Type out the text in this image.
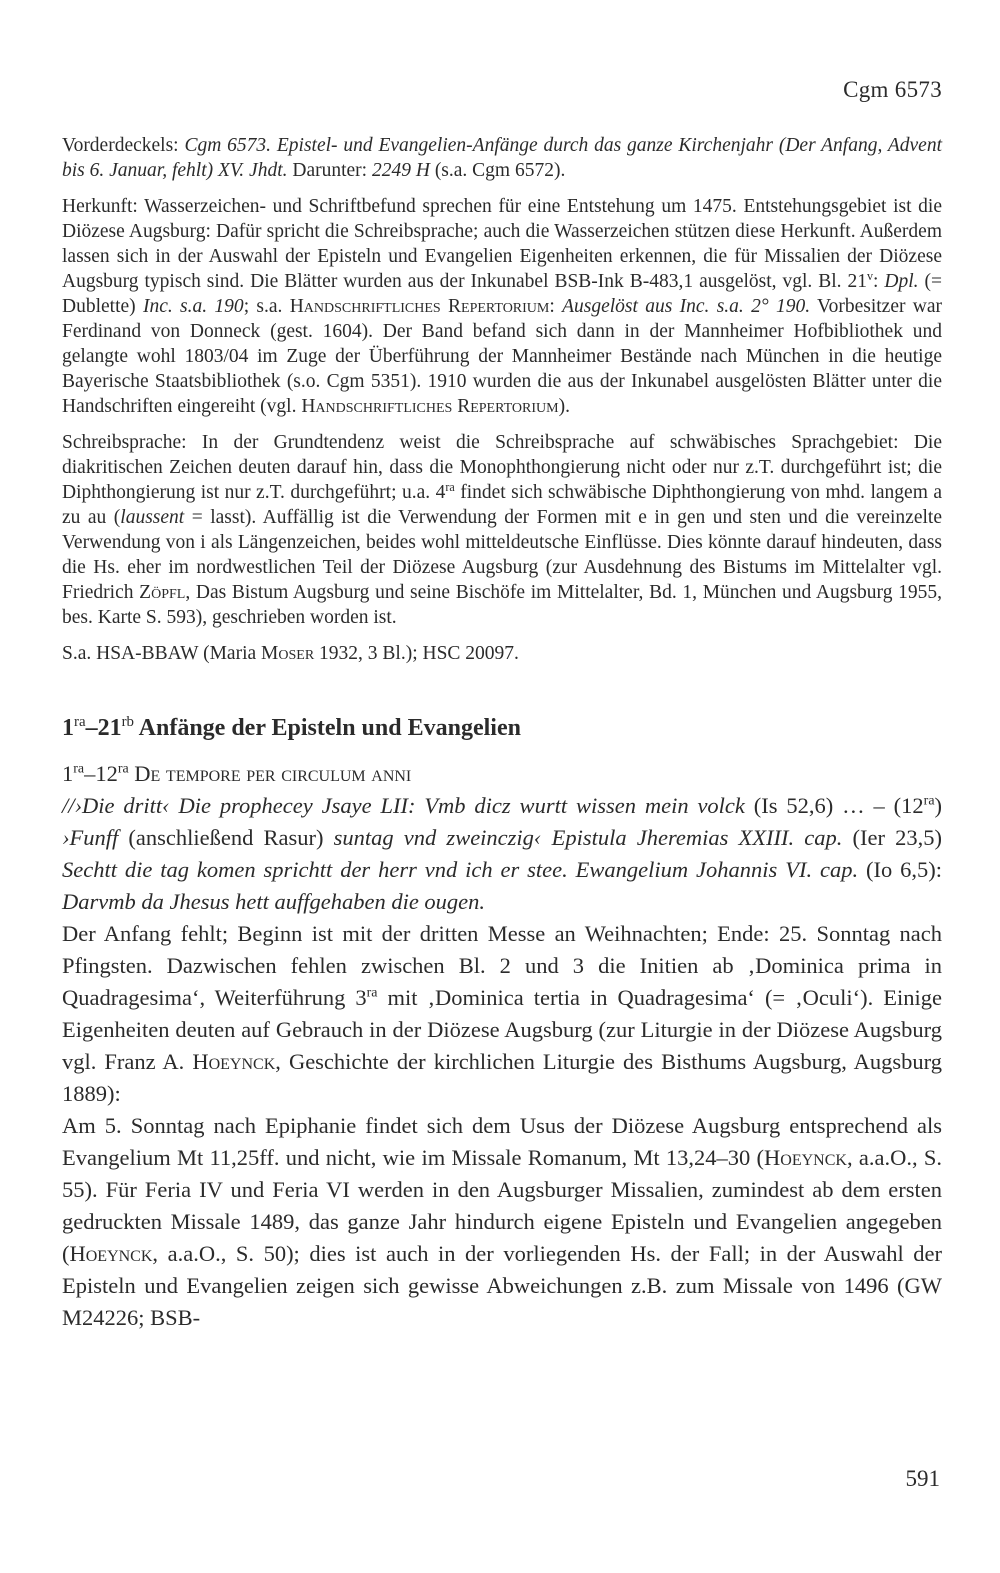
Cgm 6573

Vorderdeckels: Cgm 6573. Epistel- und Evangelien-Anfänge durch das ganze Kirchenjahr (Der Anfang, Advent bis 6. Januar, fehlt) XV. Jhdt. Darunter: 2249 H (s.a. Cgm 6572).

Herkunft: Wasserzeichen- und Schriftbefund sprechen für eine Entstehung um 1475. Entstehungsgebiet ist die Diözese Augsburg: Dafür spricht die Schreibsprache; auch die Wasserzeichen stützen diese Herkunft. Außerdem lassen sich in der Auswahl der Episteln und Evangelien Eigenheiten erkennen, die für Missalien der Diözese Augsburg typisch sind. Die Blätter wurden aus der Inkunabel BSB-Ink B-483,1 ausgelöst, vgl. Bl. 21$^v$: Dpl. (= Dublette) Inc. s.a. 190; s.a. Handschriftliches Repertorium: Ausgelöst aus Inc. s.a. 2° 190. Vorbesitzer war Ferdinand von Donneck (gest. 1604). Der Band befand sich dann in der Mannheimer Hofbibliothek und gelangte wohl 1803/04 im Zuge der Überführung der Mannheimer Bestände nach München in die heutige Bayerische Staatsbibliothek (s.o. Cgm 5351). 1910 wurden die aus der Inkunabel ausgelösten Blätter unter die Handschriften eingereiht (vgl. Handschriftliches Repertorium).

Schreibsprache: In der Grundtendenz weist die Schreibsprache auf schwäbisches Sprachgebiet: Die diakritischen Zeichen deuten darauf hin, dass die Monophthongierung nicht oder nur z.T. durchgeführt ist; die Diphthongierung ist nur z.T. durchgeführt; u.a. $4^{ra}$ findet sich schwäbische Diphthongierung von mhd. langem a zu au (laussent = lasst). Auffällig ist die Verwendung der Formen mit e in gen und sten und die vereinzelte Verwendung von i als Längenzeichen, beides wohl mitteldeutsche Einflüsse. Dies könnte darauf hindeuten, dass die Hs. eher im nordwestlichen Teil der Diözese Augsburg (zur Ausdehnung des Bistums im Mittelalter vgl. Friedrich Zöpfl, Das Bistum Augsburg und seine Bischöfe im Mittelalter, Bd. 1, München und Augsburg 1955, bes. Karte S. 593), geschrieben worden ist.

S.a. HSA-BBAW (Maria Moser 1932, 3 Bl.); HSC 20097.

$1^{ra}-21^{rb}$ Anfänge der Episteln und Evangelien

$1^{ra}-12^{ra}$ De tempore per circulum anni

//›Die dritt‹ Die prophecey Jsaye LII: Vmb dicz wurtt wissen mein volck (Is 52,6) … – $(12^{ra})$ ›Funff (anschließend Rasur) suntag vnd zweinczig‹ Epistula Jheremias XXIII. cap. (Ier 23,5) Sechtt die tag komen sprichtt der herr vnd ich er stee. Ewangelium Johannis VI. cap. (Io 6,5): Darvmb da Jhesus hett auffgehaben die ougen.

Der Anfang fehlt; Beginn ist mit der dritten Messe an Weihnachten; Ende: 25. Sonntag nach Pfingsten. Dazwischen fehlen zwischen Bl. 2 und 3 die Initien ab ‚Dominica prima in Quadragesima‘, Weiterführung $3^{ra}$ mit ‚Dominica tertia in Quadragesima‘ (= ‚Oculi‘). Einige Eigenheiten deuten auf Gebrauch in der Diözese Augsburg (zur Liturgie in der Diözese Augsburg vgl. Franz A. Hoeynck, Geschichte der kirchlichen Liturgie des Bisthums Augsburg, Augsburg 1889):

Am 5. Sonntag nach Epiphanie findet sich dem Usus der Diözese Augsburg entsprechend als Evangelium Mt 11,25ff. und nicht, wie im Missale Romanum, Mt 13,24–30 (Hoeynck, a.a.O., S. 55). Für Feria IV und Feria VI werden in den Augsburger Missalien, zumindest ab dem ersten gedruckten Missale 1489, das ganze Jahr hindurch eigene Episteln und Evangelien angegeben (Hoeynck, a.a.O., S. 50); dies ist auch in der vorliegenden Hs. der Fall; in der Auswahl der Episteln und Evangelien zeigen sich gewisse Abweichungen z.B. zum Missale von 1496 (GW M24226; BSB-

591
